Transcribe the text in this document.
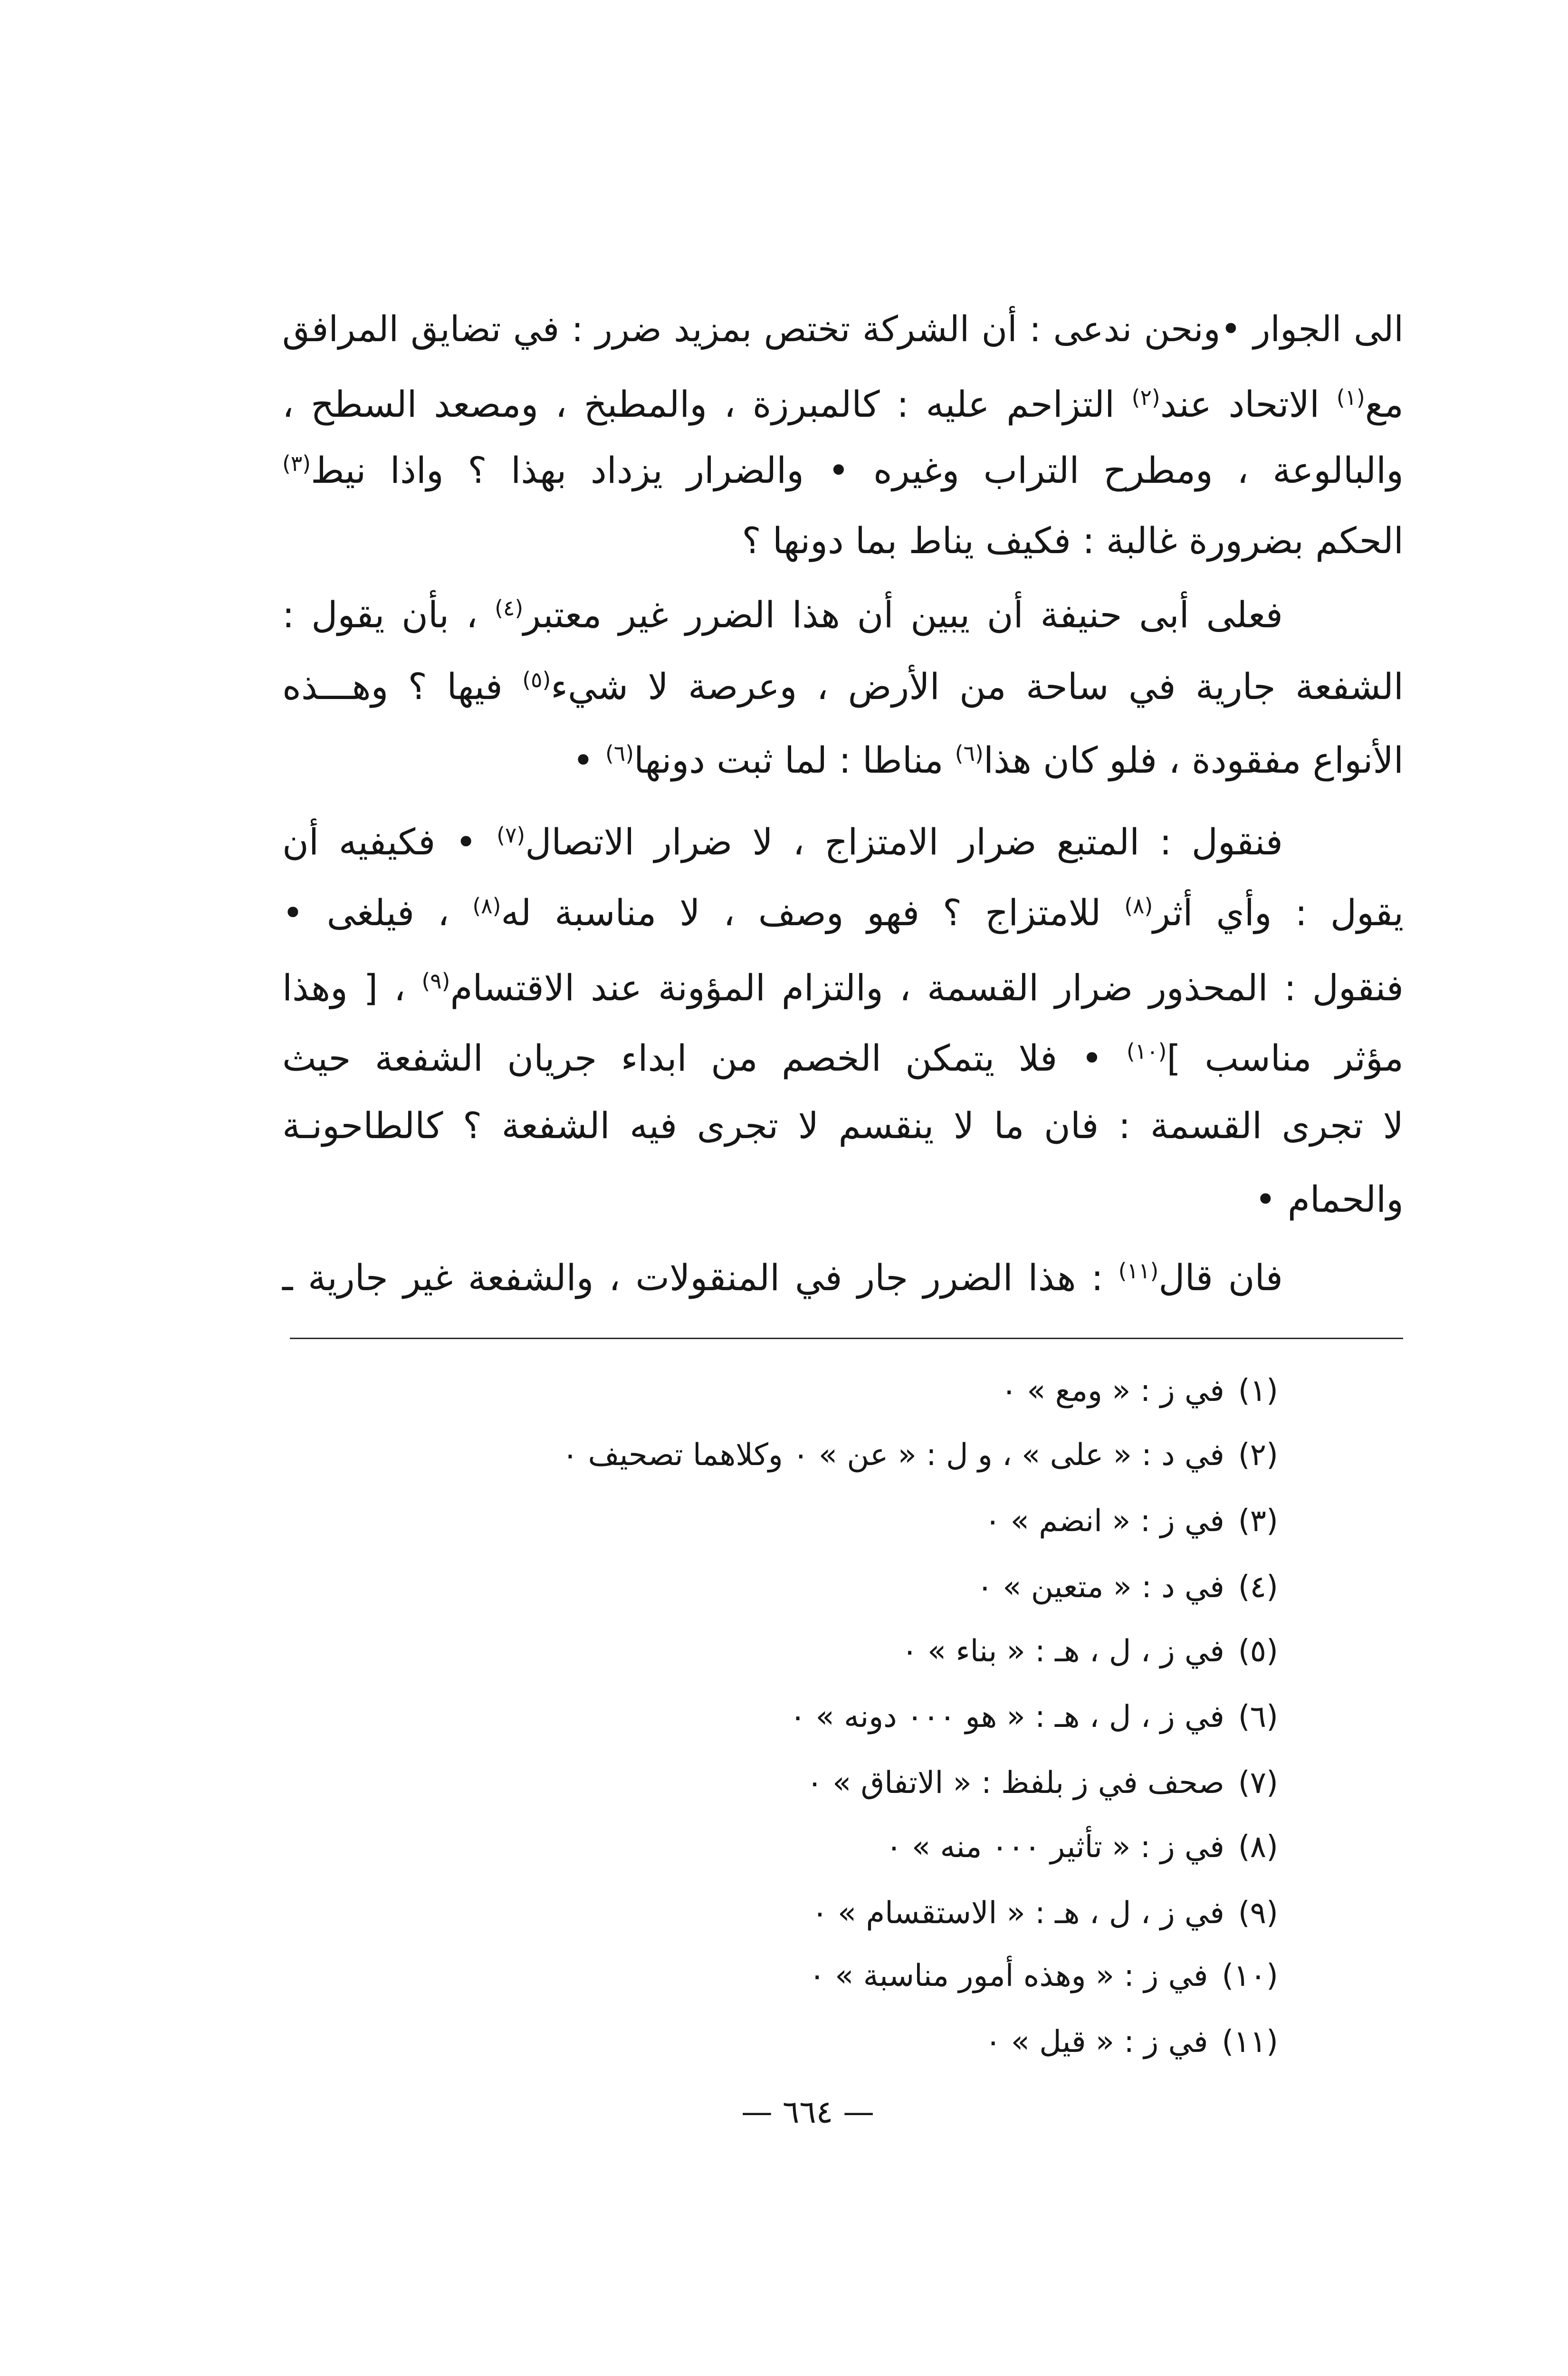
الى الجوار •ونحن ندعى : أن الشركة تختص بمزيد ضرر : في تضايق المرافق
مع$^{(١)}$ الاتحاد عند$^{(٢)}$ التزاحم عليه : كالمبرزة ، والمطبخ ، ومصعد السطح ،
والبالوعة ، ومطرح التراب وغيره • والضرار يزداد بهذا ؟ واذا نيط$^{(٣)}$
الحكم بضرورة غالبة : فكيف يناط بما دونها ؟
فعلى أبى حنيفة أن يبين أن هذا الضرر غير معتبر$^{(٤)}$ ، بأن يقول :
الشفعة جارية في ساحة من الأرض ، وعرصة لا شيء$^{(٥)}$ فيها ؟ وهـــذه
الأنواع مفقودة ، فلو كان هذا$^{(٦)}$ مناطا : لما ثبت دونها$^{(٦)}$ •
فنقول : المتبع ضرار الامتزاج ، لا ضرار الاتصال$^{(٧)}$ • فكيفيه أن
يقول : وأي أثر$^{(٨)}$ للامتزاج ؟ فهو وصف ، لا مناسبة له$^{(٨)}$ ، فيلغى •
فنقول : المحذور ضرار القسمة ، والتزام المؤونة عند الاقتسام$^{(٩)}$ ، [ وهذا
مؤثر مناسب ]$^{(١٠)}$ • فلا يتمكن الخصم من ابداء جريان الشفعة حيث
لا تجرى القسمة : فان ما لا ينقسم لا تجرى فيه الشفعة ؟ كالطاحونـة
والحمام •
فان قال$^{(١١)}$ : هذا الضرر جار في المنقولات ، والشفعة غير جارية ـ
(١)في ز : « ومع » ٠
(٢)في د : « على » ، و ل : « عن » ٠ وكلاهما تصحيف ٠
(٣)في ز : « انضم » ٠
(٤)في د : « متعين » ٠
(٥)في ز ، ل ، هـ : « بناء » ٠
(٦)في ز ، ل ، هـ : « هو ٠٠٠ دونه » ٠
(٧)صحف في ز بلفظ : « الاتفاق » ٠
(٨)في ز : « تأثير ٠٠٠ منه » ٠
(٩)في ز ، ل ، هـ : « الاستقسام » ٠
(١٠)في ز : « وهذه أمور مناسبة » ٠
(١١)في ز : « قيل » ٠
— ٦٦٤ —
